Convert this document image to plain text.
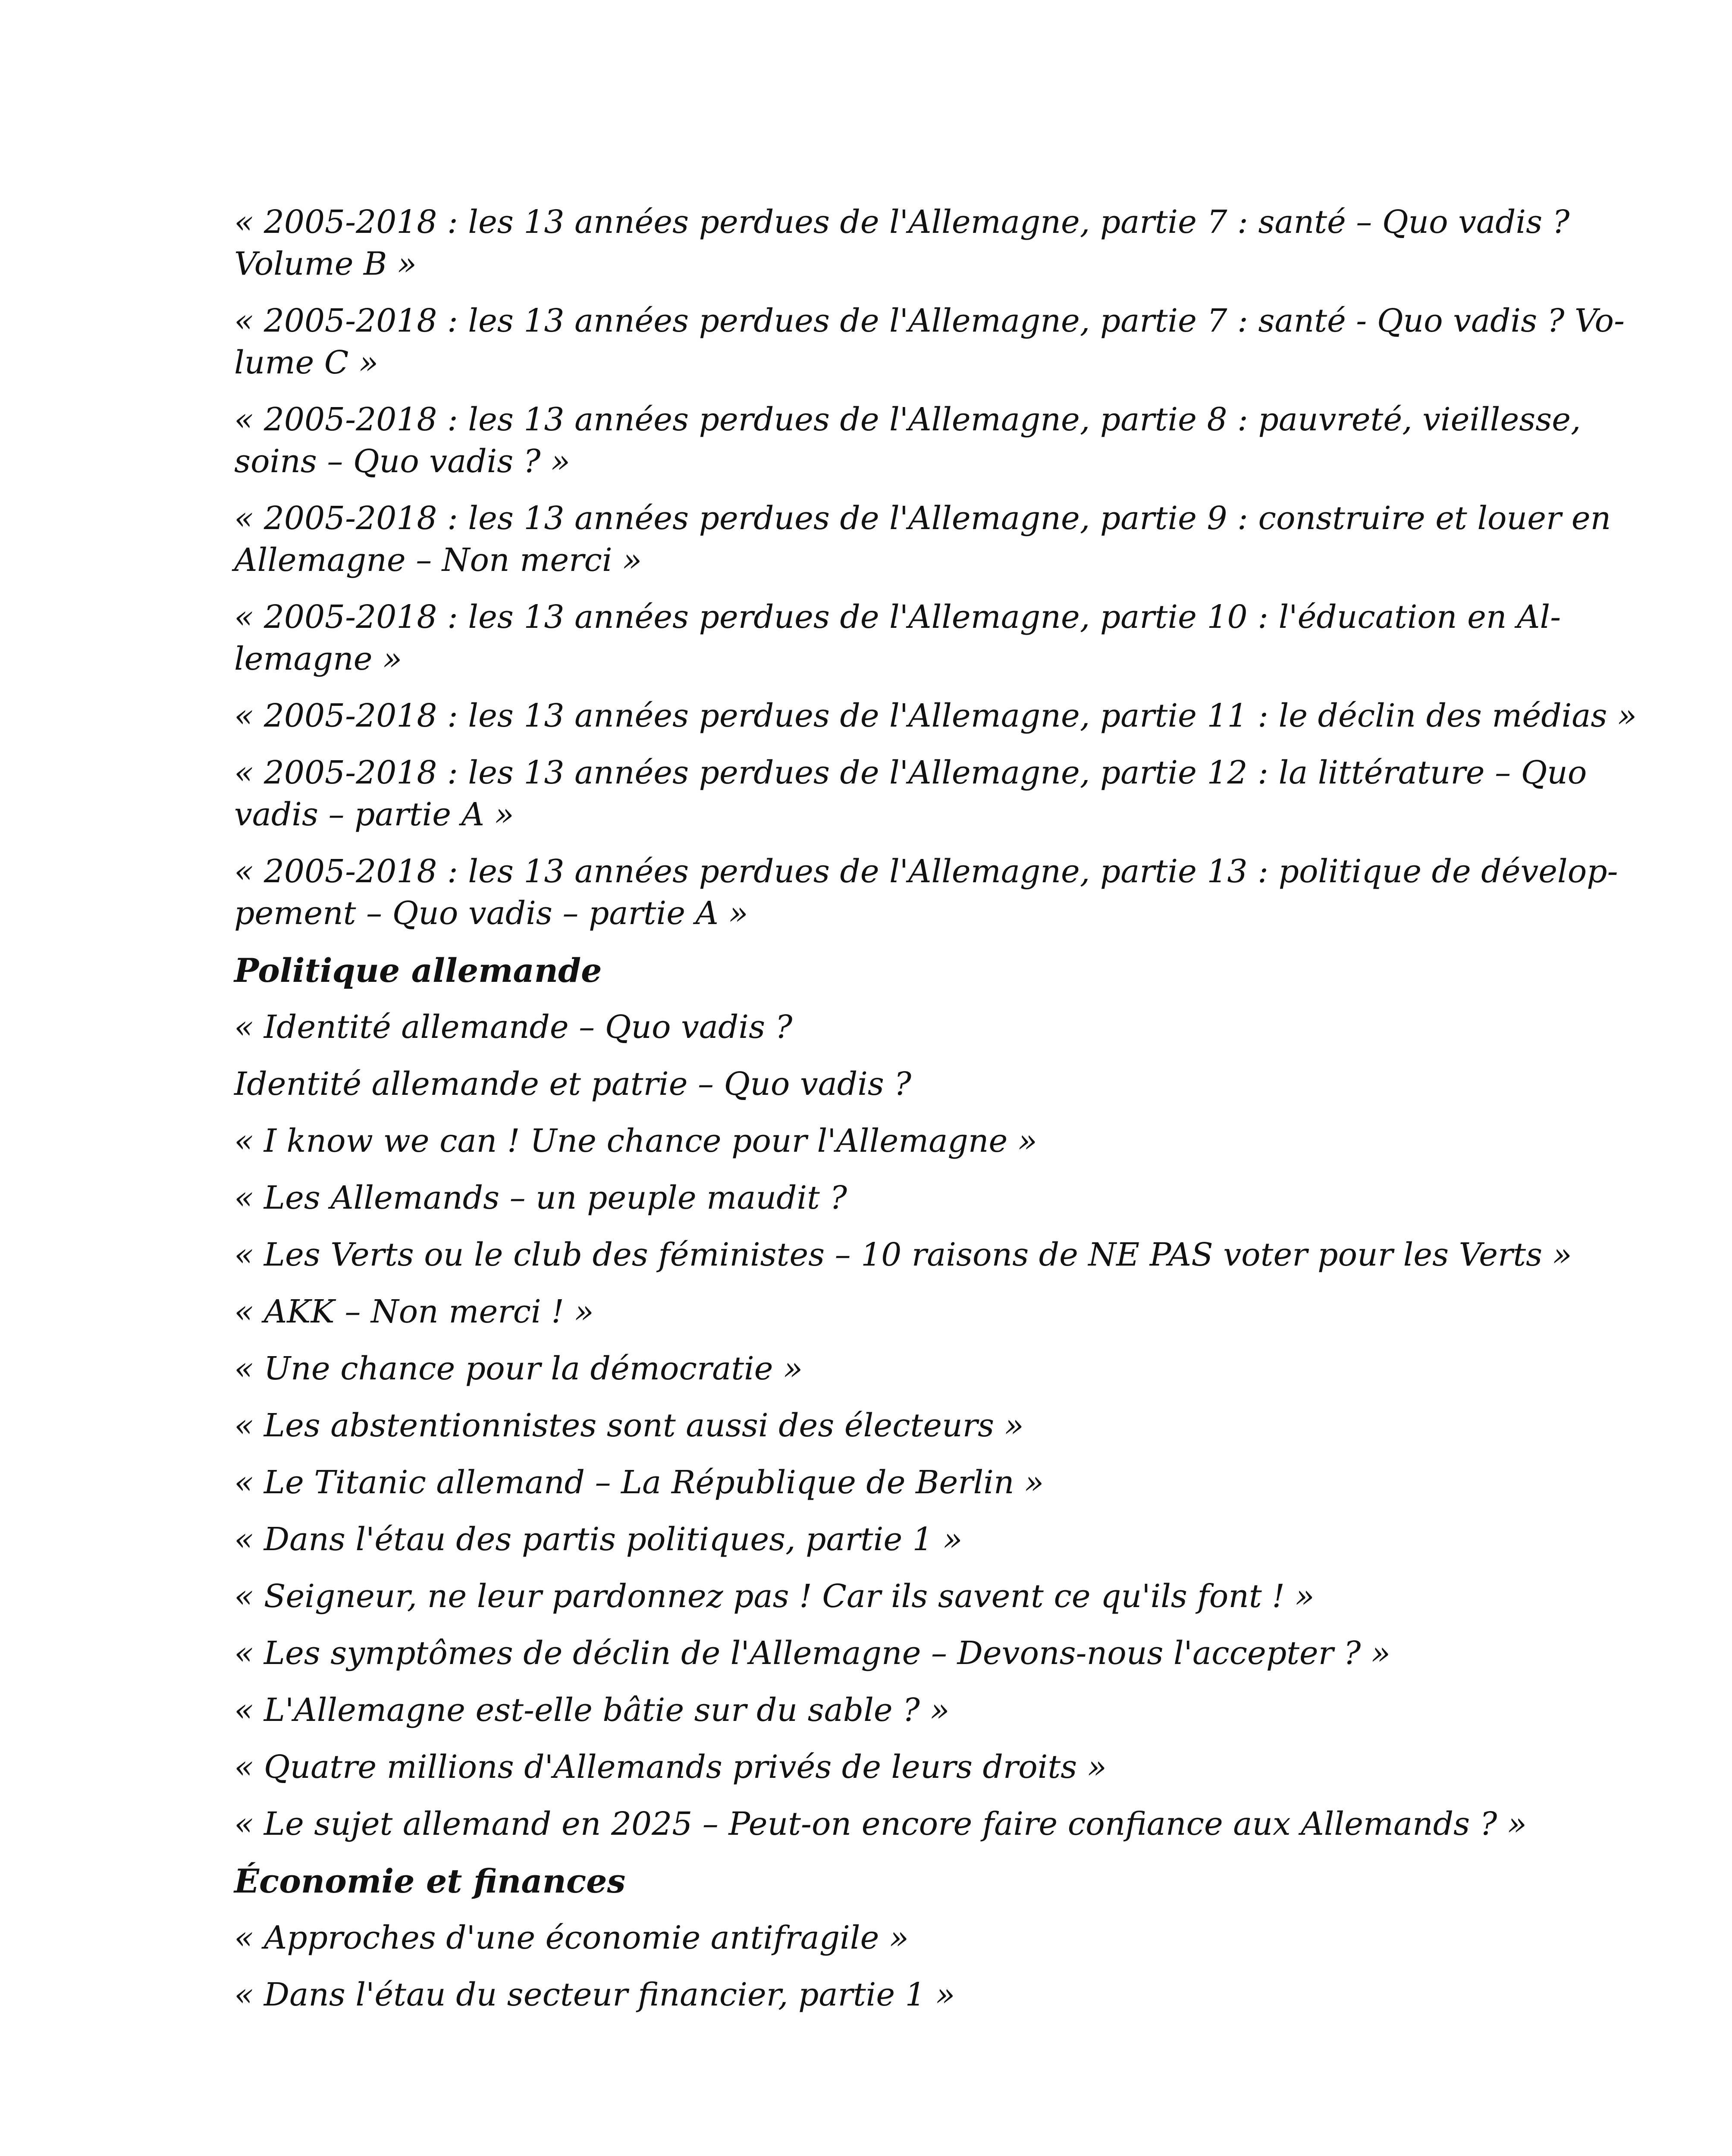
« 2005-2018 : les 13 années perdues de l'Allemagne, partie 7 : santé – Quo vadis ?
Volume B »

« 2005-2018 : les 13 années perdues de l'Allemagne, partie 7 : santé - Quo vadis ? Vo-
lume C »

« 2005-2018 : les 13 années perdues de l'Allemagne, partie 8 : pauvreté, vieillesse,
soins – Quo vadis ? »

« 2005-2018 : les 13 années perdues de l'Allemagne, partie 9 : construire et louer en
Allemagne – Non merci »

« 2005-2018 : les 13 années perdues de l'Allemagne, partie 10 : l'éducation en Al-
lemagne »

« 2005-2018 : les 13 années perdues de l'Allemagne, partie 11 : le déclin des médias »

« 2005-2018 : les 13 années perdues de l'Allemagne, partie 12 : la littérature – Quo
vadis – partie A »

« 2005-2018 : les 13 années perdues de l'Allemagne, partie 13 : politique de dévelop-
pement – Quo vadis – partie A »

Politique allemande

« Identité allemande – Quo vadis ?

Identité allemande et patrie – Quo vadis ?

« I know we can ! Une chance pour l'Allemagne »

« Les Allemands – un peuple maudit ?

« Les Verts ou le club des féministes – 10 raisons de NE PAS voter pour les Verts »

« AKK – Non merci ! »

« Une chance pour la démocratie »

« Les abstentionnistes sont aussi des électeurs »

« Le Titanic allemand – La République de Berlin »

« Dans l'étau des partis politiques, partie 1 »

« Seigneur, ne leur pardonnez pas ! Car ils savent ce qu'ils font ! »

« Les symptômes de déclin de l'Allemagne – Devons-nous l'accepter ? »

« L'Allemagne est-elle bâtie sur du sable ? »

« Quatre millions d'Allemands privés de leurs droits »

« Le sujet allemand en 2025 – Peut-on encore faire confiance aux Allemands ? »

Économie et finances

« Approches d'une économie antifragile »

« Dans l'étau du secteur financier, partie 1 »
